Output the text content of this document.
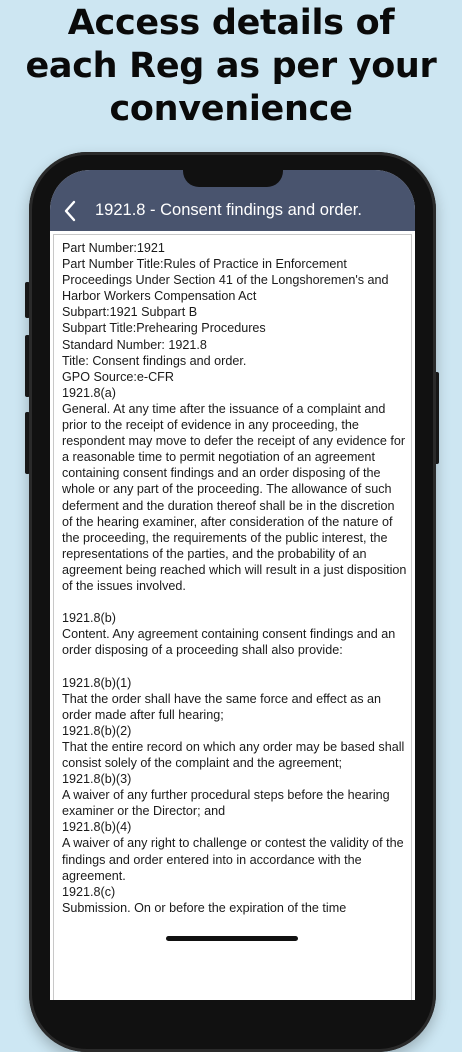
Access details of
each Reg as per your
convenience
1921.8 - Consent findings and order.
Part Number:1921
Part Number Title:Rules of Practice in Enforcement Proceedings Under Section 41 of the Longshoremen's and Harbor Workers Compensation Act
Subpart:1921 Subpart B
Subpart Title:Prehearing Procedures
Standard Number: 1921.8
Title: Consent findings and order.
GPO Source:e-CFR
1921.8(a)
General. At any time after the issuance of a complaint and prior to the receipt of evidence in any proceeding, the respondent may move to defer the receipt of any evidence for a reasonable time to permit negotiation of an agreement containing consent findings and an order disposing of the whole or any part of the proceeding. The allowance of such deferment and the duration thereof shall be in the discretion of the hearing examiner, after consideration of the nature of the proceeding, the requirements of the public interest, the representations of the parties, and the probability of an agreement being reached which will result in a just disposition of the issues involved.

1921.8(b)
Content. Any agreement containing consent findings and an order disposing of a proceeding shall also provide:

1921.8(b)(1)
That the order shall have the same force and effect as an order made after full hearing;
1921.8(b)(2)
That the entire record on which any order may be based shall consist solely of the complaint and the agreement;
1921.8(b)(3)
A waiver of any further procedural steps before the hearing examiner or the Director; and
1921.8(b)(4)
A waiver of any right to challenge or contest the validity of the findings and order entered into in accordance with the agreement.
1921.8(c)
Submission. On or before the expiration of the time
